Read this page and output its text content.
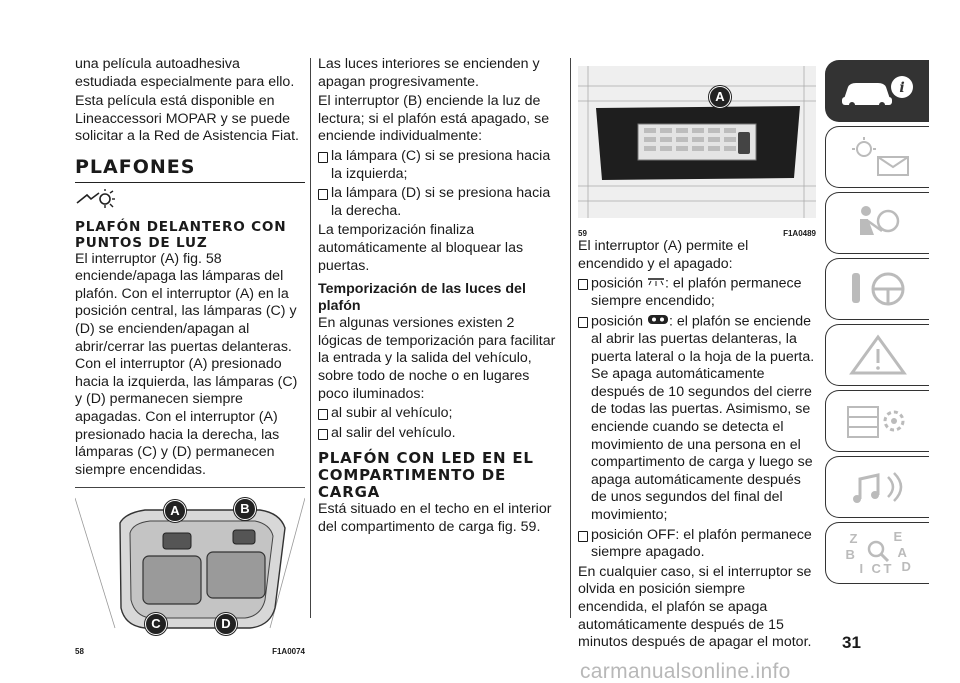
una película autoadhesiva estudiada especialmente para ello.

Esta película está disponible en Lineaccessori MOPAR y se puede solicitar a la Red de Asistencia Fiat.

PLAFONES
PLAFÓN DELANTERO CON PUNTOS DE LUZ

El interruptor (A) fig. 58 enciende/apaga las lámparas del plafón. Con el interruptor (A) en la posición central, las lámparas (C) y (D) se encienden/apagan al abrir/cerrar las puertas delanteras. Con el interruptor (A) presionado hacia la izquierda, las lámparas (C) y (D) permanecen siempre apagadas. Con el interruptor (A) presionado hacia la derecha, las lámparas (C) y (D) permanecen siempre encendidas.

A	B
C	D
58	F1A0074

Las luces interiores se encienden y apagan progresivamente.

El interruptor (B) enciende la luz de lectura; si el plafón está apagado, se enciende individualmente:

la lámpara (C) si se presiona hacia la izquierda;

la lámpara (D) si se presiona hacia la derecha.

La temporización finaliza automáticamente al bloquear las puertas.

Temporización de las luces del plafón

En algunas versiones existen 2 lógicas de temporización para facilitar la entrada y la salida del vehículo, sobre todo de noche o en lugares poco iluminados:

al subir al vehículo;

al salir del vehículo.

PLAFÓN CON LED EN EL COMPARTIMENTO DE CARGA

Está situado en el techo en el interior del compartimento de carga fig. 59.

A
59	F1A0489

El interruptor (A) permite el encendido y el apagado:

posición : el plafón permanece siempre encendido;

posición : el plafón se enciende al abrir las puertas delanteras, la puerta lateral o la hoja de la puerta. Se apaga automáticamente después de 10 segundos del cierre de todas las puertas. Asimismo, se enciende cuando se detecta el movimiento de una persona en el compartimento de carga y luego se apaga automáticamente después de unos segundos del final del movimiento;

posición OFF: el plafón permanece siempre apagado.

En cualquier caso, si el interruptor se olvida en posición siempre encendida, el plafón se apaga automáticamente después de 15 minutos después de apagar el motor.

i
Z	E
B	A
I C T D
31
carmanualsonline.info
